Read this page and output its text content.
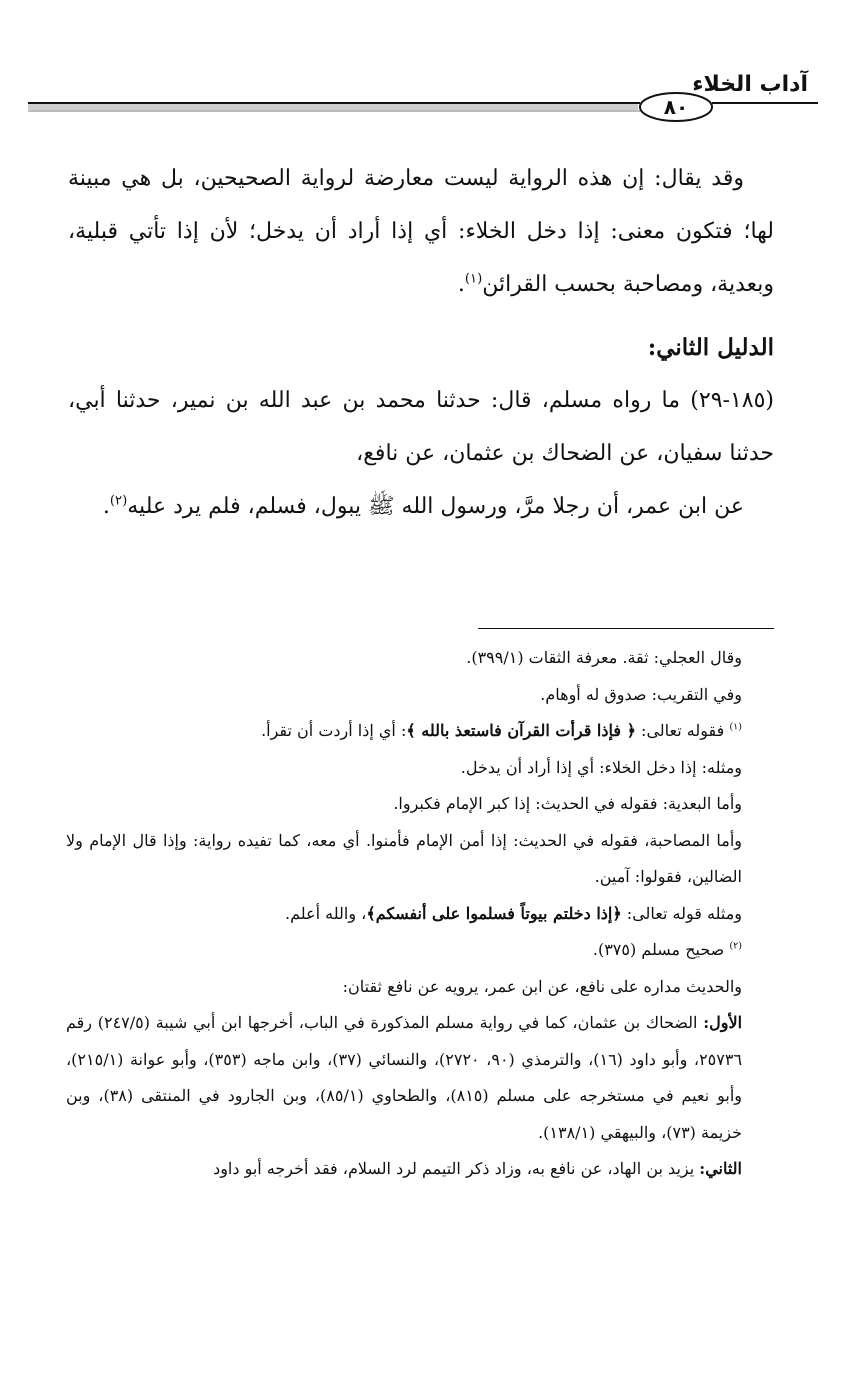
آداب الخلاء
٨٠

وقد يقال: إن هذه الرواية ليست معارضة لرواية الصحيحين، بل هي مبينة لها؛ فتكون معنى: إذا دخل الخلاء: أي إذا أراد أن يدخل؛ لأن إذا تأتي قبلية، وبعدية، ومصاحبة بحسب القرائن$^{(١)}$.

الدليل الثاني:

(١٨٥-٢٩) ما رواه مسلم، قال: حدثنا محمد بن عبد الله بن نمير، حدثنا أبي، حدثنا سفيان، عن الضحاك بن عثمان، عن نافع،

عن ابن عمر، أن رجلا مرَّ، ورسول الله ﷺ يبول، فسلم، فلم يرد عليه$^{(٢)}$.

وقال العجلي: ثقة. معرفة الثقات (٣٩٩/١).

وفي التقريب: صدوق له أوهام.

$^{(١)}$ فقوله تعالى: ﴿ فإذا قرأت القرآن فاستعذ بالله ﴾: أي إذا أردت أن تقرأ.

ومثله: إذا دخل الخلاء: أي إذا أراد أن يدخل.

وأما البعدية: فقوله في الحديث: إذا كبر الإمام فكبروا.

وأما المصاحبة، فقوله في الحديث: إذا أمن الإمام فأمنوا. أي معه، كما تفيده رواية: وإذا قال الإمام ولا الضالين، فقولوا: آمين.

ومثله قوله تعالى: ﴿إذا دخلتم بيوتاً فسلموا على أنفسكم﴾، والله أعلم.

$^{(٢)}$ صحيح مسلم (٣٧٥).

والحديث مداره على نافع، عن ابن عمر، يرويه عن نافع ثقتان:

الأول: الضحاك بن عثمان، كما في رواية مسلم المذكورة في الباب، أخرجها ابن أبي شيبة (٢٤٧/٥) رقم ٢٥٧٣٦، وأبو داود (١٦)، والترمذي (٩٠، ٢٧٢٠)، والنسائي (٣٧)، وابن ماجه (٣٥٣)، وأبو عوانة (٢١٥/١)، وأبو نعيم في مستخرجه على مسلم (٨١٥)، والطحاوي (٨٥/١)، وبن الجارود في المنتقى (٣٨)، وبن خزيمة (٧٣)، والبيهقي (١٣٨/١).

الثاني: يزيد بن الهاد، عن نافع به، وزاد ذكر التيمم لرد السلام، فقد أخرجه أبو داود
